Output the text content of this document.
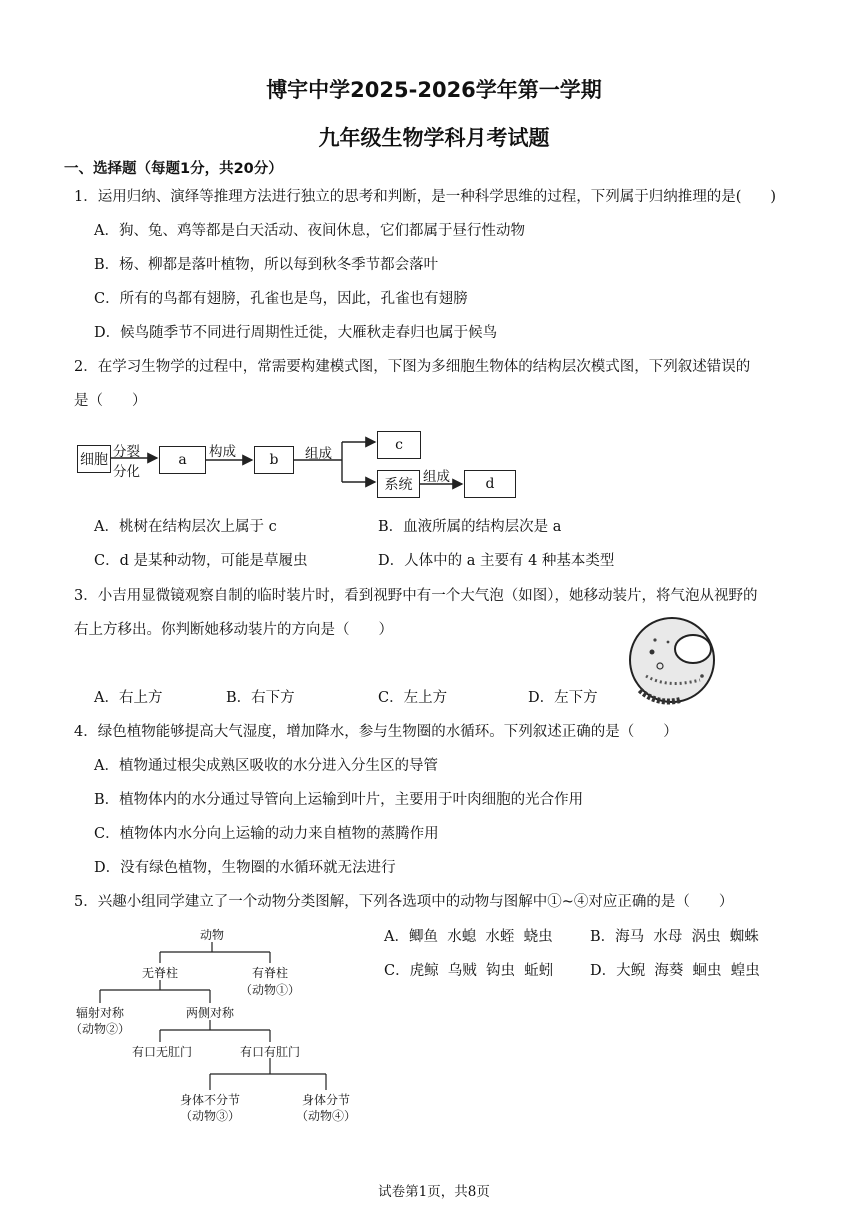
博宇中学2025-2026学年第一学期
九年级生物学科月考试题
一、选择题（每题1分，共20分）
1．运用归纳、演绎等推理方法进行独立的思考和判断，是一种科学思维的过程，下列属于归纳推理的是(　　)
A．狗、兔、鸡等都是白天活动、夜间休息，它们都属于昼行性动物
B．杨、柳都是落叶植物，所以每到秋冬季节都会落叶
C．所有的鸟都有翅膀，孔雀也是鸟，因此，孔雀也有翅膀
D．候鸟随季节不同进行周期性迁徙，大雁秋走春归也属于候鸟
2．在学习生物学的过程中，常需要构建模式图，下图为多细胞生物体的结构层次模式图，下列叙述错误的
是（　　）
细胞 分裂
分化
a	构成	b	组成
c
系统 组成	d
A．桃树在结构层次上属于 c	B．血液所属的结构层次是 a
C．d 是某种动物，可能是草履虫	D．人体中的 a 主要有 4 种基本类型
3．小吉用显微镜观察自制的临时装片时，看到视野中有一个大气泡（如图），她移动装片，将气泡从视野的
右上方移出。你判断她移动装片的方向是（　　）
A．右上方	B．右下方	C．左上方	D．左下方
4．绿色植物能够提高大气湿度，增加降水，参与生物圈的水循环。下列叙述正确的是（　　）
A．植物通过根尖成熟区吸收的水分进入分生区的导管
B．植物体内的水分通过导管向上运输到叶片，主要用于叶肉细胞的光合作用
C．植物体内水分向上运输的动力来自植物的蒸腾作用
D．没有绿色植物，生物圈的水循环就无法进行
5．兴趣小组同学建立了一个动物分类图解，下列各选项中的动物与图解中①~④对应正确的是（　　）
动物
无脊柱	有脊柱
（动物①）
辐射对称
（动物②）
两侧对称
有口无肛门	有口有肛门
身体不分节
（动物③）
身体分节
（动物④）
A．鲫鱼  水螅  水蛭  蛲虫	B．海马  水母  涡虫  蜘蛛
C．虎鲸  乌贼  钩虫  蚯蚓	D．大鲵  海葵  蛔虫  蝗虫
试卷第1页，共8页
